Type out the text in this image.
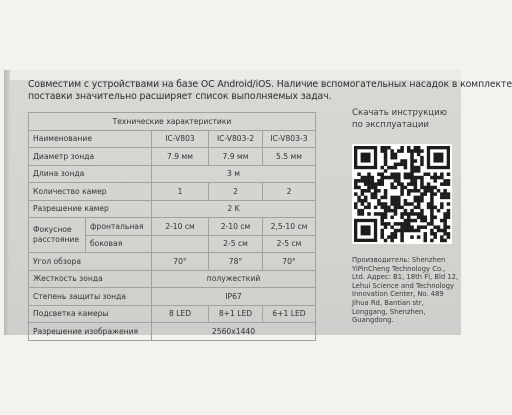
Совместим с устройствами на базе ОС Android/iOS. Наличие вспомогательных насадок в комплекте
поставки значительно расширяет список выполняемых задач.
Технические характеристики				
Наименование		IC-V803	IC-V803-2	IC-V803-3
Диаметр зонда		7.9 мм	7.9 мм	5.5 мм
Длина зонда		3 м		
Количество камер		1	2	2
Разрешение камер		2 K		
Фокусное расстояние	фронтальная	2-10 см	2-10 см	2,5-10 см
	боковая		2-5 см	2-5 см
Угол обзора		70°	78°	70°
Жесткость зонда		полужесткий		
Степень защиты зонда		IP67		
Подсветка камеры		8 LED	8+1 LED	6+1 LED
Разрешение изображения		2560x1440		
Скачать инструкцию по эксплуатации
Производитель: Shenzhen YiPinCheng Technology Co., Ltd. Адрес: B1, 18th Fl, Bld 12, Lehui Science and Technology Innovation Center, No. 489 Jihua Rd, Bantian str, Longgang, Shenzhen, Guangdong.
